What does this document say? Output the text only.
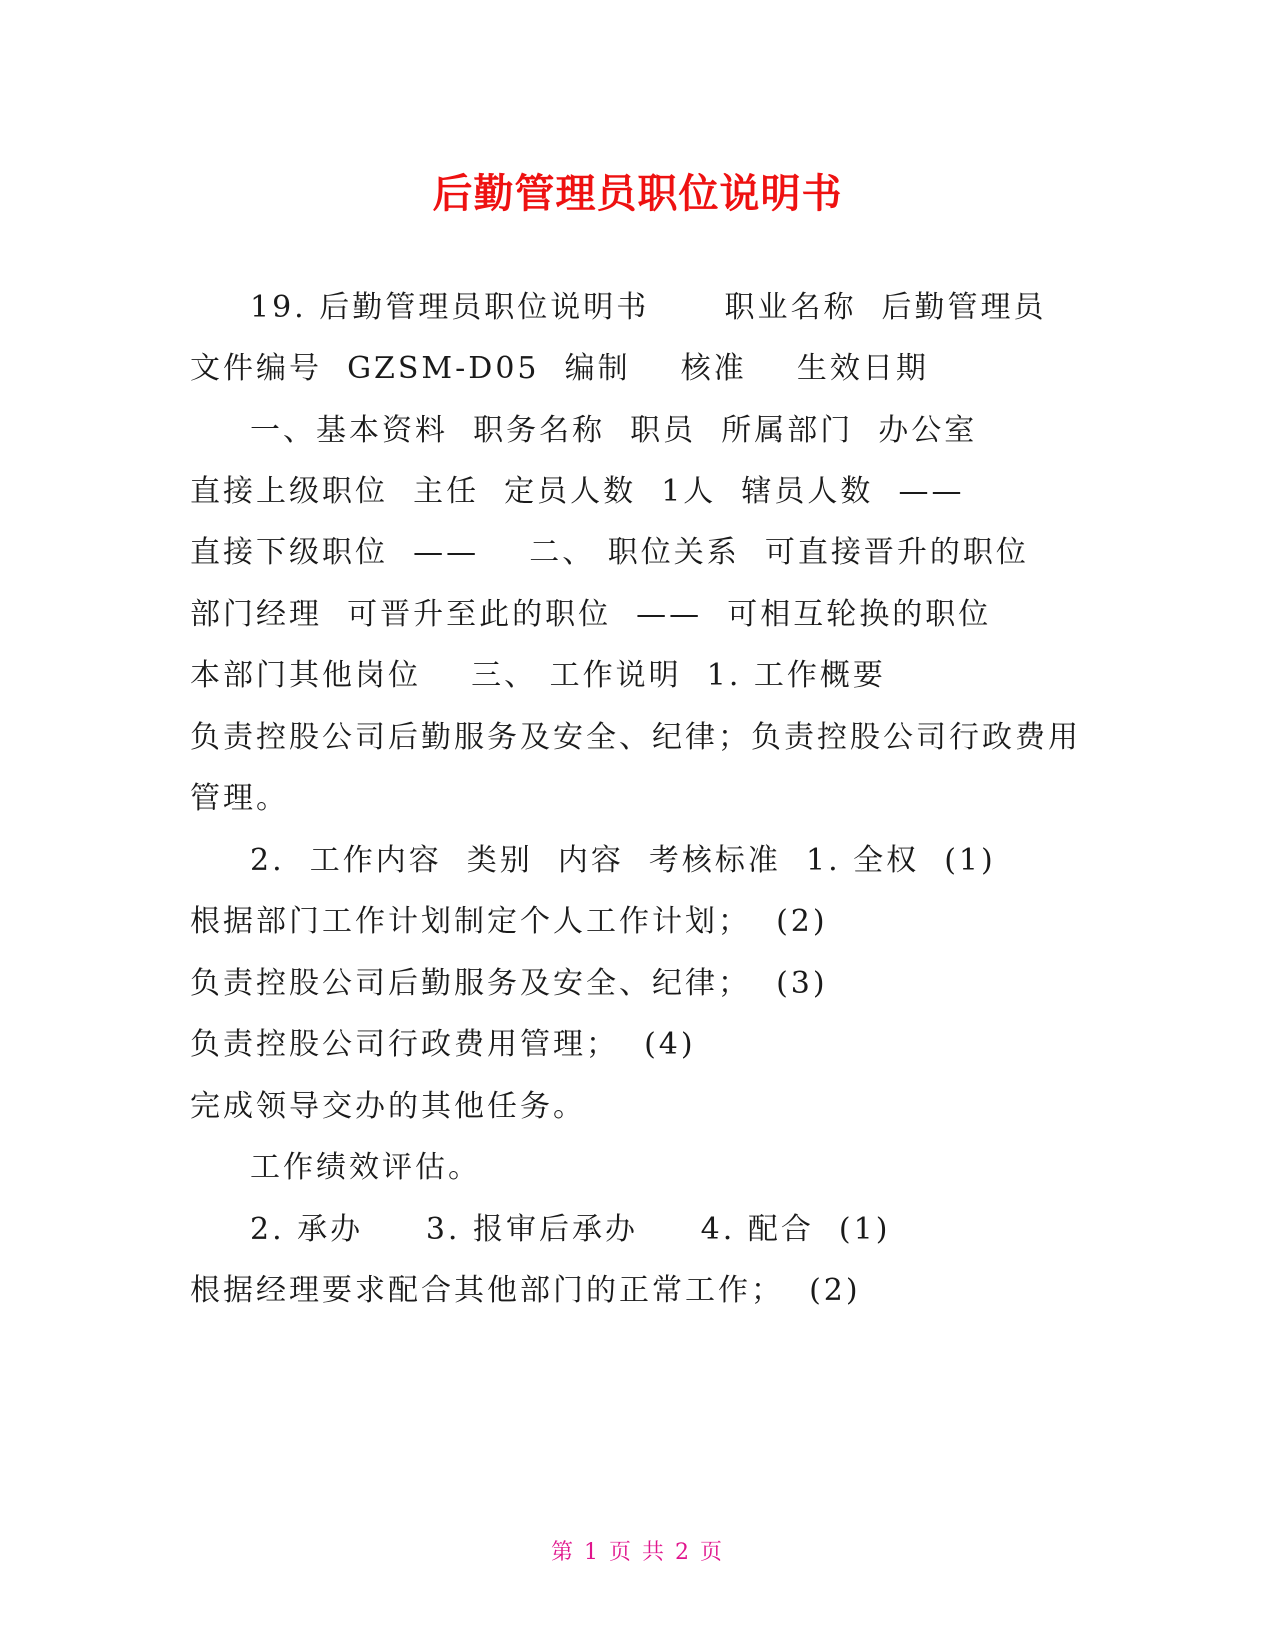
后勤管理员职位说明书
19. 后勤管理员职位说明书      职业名称  后勤管理员
文件编号  GZSM-D05  编制    核准    生效日期
一、基本资料  职务名称  职员  所属部门  办公室
直接上级职位  主任  定员人数  1人  辖员人数  ——
直接下级职位  ——    二、 职位关系  可直接晋升的职位
部门经理  可晋升至此的职位  ——  可相互轮换的职位
本部门其他岗位    三、 工作说明  1. 工作概要
负责控股公司后勤服务及安全、纪律；负责控股公司行政费用
管理。
2.  工作内容  类别  内容  考核标准  1. 全权  (1)
根据部门工作计划制定个人工作计划；  (2)
负责控股公司后勤服务及安全、纪律；  (3)
负责控股公司行政费用管理；  (4)
完成领导交办的其他任务。
工作绩效评估。
2. 承办     3. 报审后承办     4. 配合  (1)
根据经理要求配合其他部门的正常工作；  (2)
第 1 页 共 2 页
